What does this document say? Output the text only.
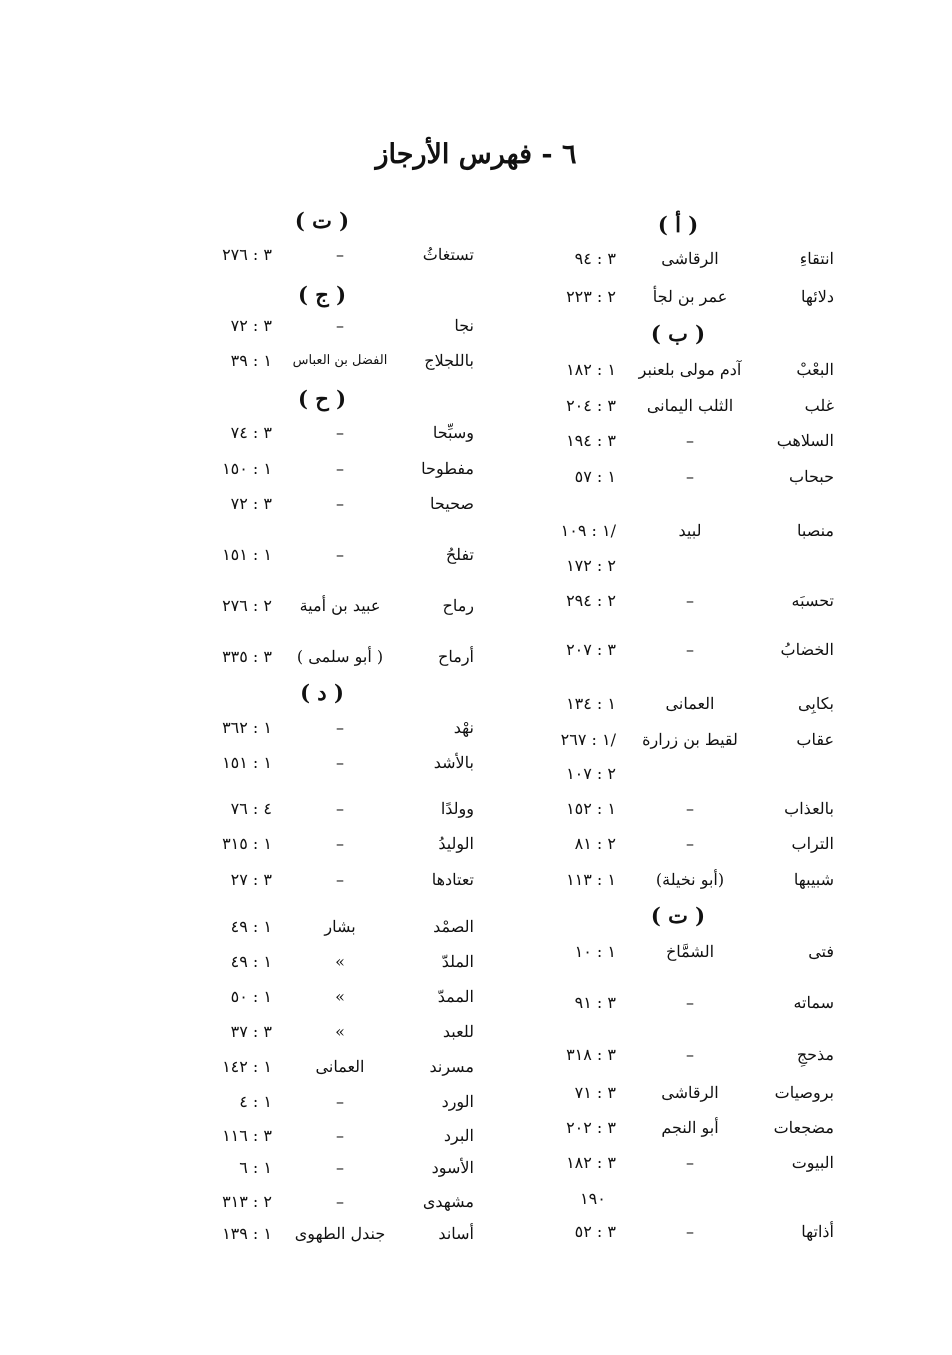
٦ - فهرس الأرجاز
( أ )
انتقاءِ
الرقاشى
٣ : ٩٤
دلائها
عمر بن لجأ
٢ : ٢٢٣
( ب )
البعْبْ
آدم مولى بلعنبر
١ : ١٨٢
غلب
الثلب اليمانى
٣ : ٢٠٤
السلاهب
–
٣ : ١٩٤
حبحاب
–
١ : ٥٧
منصبا
لبيد
١ : ١٠٩/
٢ : ١٧٢
تحسبَه
–
٢ : ٢٩٤
الخضابُ
–
٣ : ٢٠٧
بكابِى
العمانى
١ : ١٣٤
عقاب
لقيط بن زرارة
١ : ٢٦٧/
٢ : ١٠٧
بالعذاب
–
١ : ١٥٢
التراب
–
٢ : ٨١
شبيبها
(أبو نخيلة)
١ : ١١٣
( ت )
فتى
الشمَّاخ
١ : ١٠
سماته
–
٣ : ٩١
مذحجِ
–
٣ : ٣١٨
بروصيات
الرقاشى
٣ : ٧١
مضجعات
أبو النجم
٣ : ٢٠٢
البيوت
–
٣ : ١٨٢
أذاتها
–
٣ : ٥٢
( ت )
تستغاثُ
–
٣ : ٢٧٦
( ج )
نجا
–
٣ : ٧٢
باللجلاج
الفضل بن العباس
١ : ٣٩
( ح )
وسبِّحا
–
٣ : ٧٤
مفطوحا
–
١ : ١٥٠
صحيحا
–
٣ : ٧٢
تفلحُ
–
١ : ١٥١
رماح
عبيد بن أمية
٢ : ٢٧٦
أرماح
( أبو سلمى )
٣ : ٣٣٥
( د )
نهْد
–
١ : ٣٦٢
بالأشد
–
١ : ١٥١
وولدًا
–
٤ : ٧٦
الوليدُ
–
١ : ٣١٥
تعتادها
–
٣ : ٢٧
الصمْد
بشار
١ : ٤٩
الملدّ
»
١ : ٤٩
الممدّ
»
١ : ٥٠
للعبد
»
٣ : ٣٧
مسرند
العمانى
١ : ١٤٢
الورد
–
١ : ٤
البرد
–
٣ : ١١٦
الأسود
–
١ : ٦
مشهدى
–
٢ : ٣١٣
أساند
جندل الطهوى
١ : ١٣٩
١٩٠
